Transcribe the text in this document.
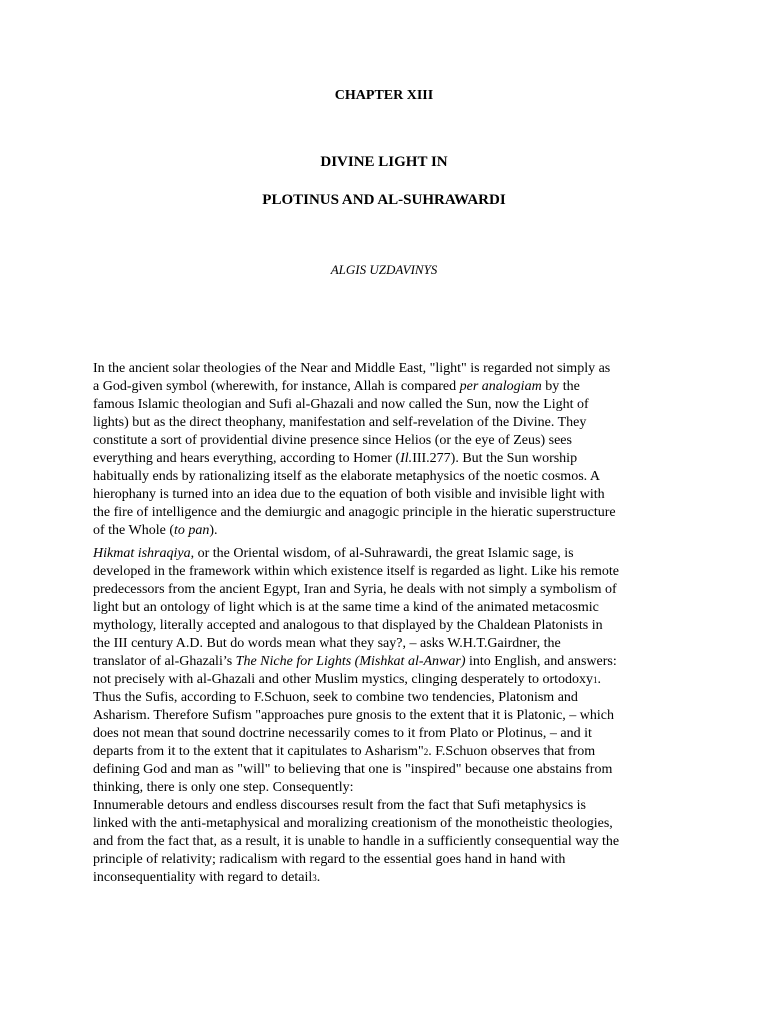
CHAPTER XIII
DIVINE LIGHT IN
PLOTINUS AND AL-SUHRAWARDI
ALGIS UZDAVINYS
In the ancient solar theologies of the Near and Middle East, "light" is regarded not simply as
a God-given symbol (wherewith, for instance, Allah is compared per analogiam by the
famous Islamic theologian and Sufi al-Ghazali and now called the Sun, now the Light of
lights) but as the direct theophany, manifestation and self-revelation of the Divine. They
constitute a sort of providential divine presence since Helios (or the eye of Zeus) sees
everything and hears everything, according to Homer (Il.III.277). But the Sun worship
habitually ends by rationalizing itself as the elaborate metaphysics of the noetic cosmos. A
hierophany is turned into an idea due to the equation of both visible and invisible light with
the fire of intelligence and the demiurgic and anagogic principle in the hieratic superstructure
of the Whole (to pan).
Hikmat ishraqiya, or the Oriental wisdom, of al-Suhrawardi, the great Islamic sage, is
developed in the framework within which existence itself is regarded as light. Like his remote
predecessors from the ancient Egypt, Iran and Syria, he deals with not simply a symbolism of
light but an ontology of light which is at the same time a kind of the animated metacosmic
mythology, literally accepted and analogous to that displayed by the Chaldean Platonists in
the III century A.D. But do words mean what they say?, – asks W.H.T.Gairdner, the
translator of al-Ghazali’s The Niche for Lights (Mishkat al-Anwar) into English, and answers:
not precisely with al-Ghazali and other Muslim mystics, clinging desperately to ortodoxy1.
Thus the Sufis, according to F.Schuon, seek to combine two tendencies, Platonism and
Asharism. Therefore Sufism "approaches pure gnosis to the extent that it is Platonic, – which
does not mean that sound doctrine necessarily comes to it from Plato or Plotinus, – and it
departs from it to the extent that it capitulates to Asharism"2. F.Schuon observes that from
defining God and man as "will" to believing that one is "inspired" because one abstains from
thinking, there is only one step. Consequently:
Innumerable detours and endless discourses result from the fact that Sufi metaphysics is
linked with the anti-metaphysical and moralizing creationism of the monotheistic theologies,
and from the fact that, as a result, it is unable to handle in a sufficiently consequential way the
principle of relativity; radicalism with regard to the essential goes hand in hand with
inconsequentiality with regard to detail3.
